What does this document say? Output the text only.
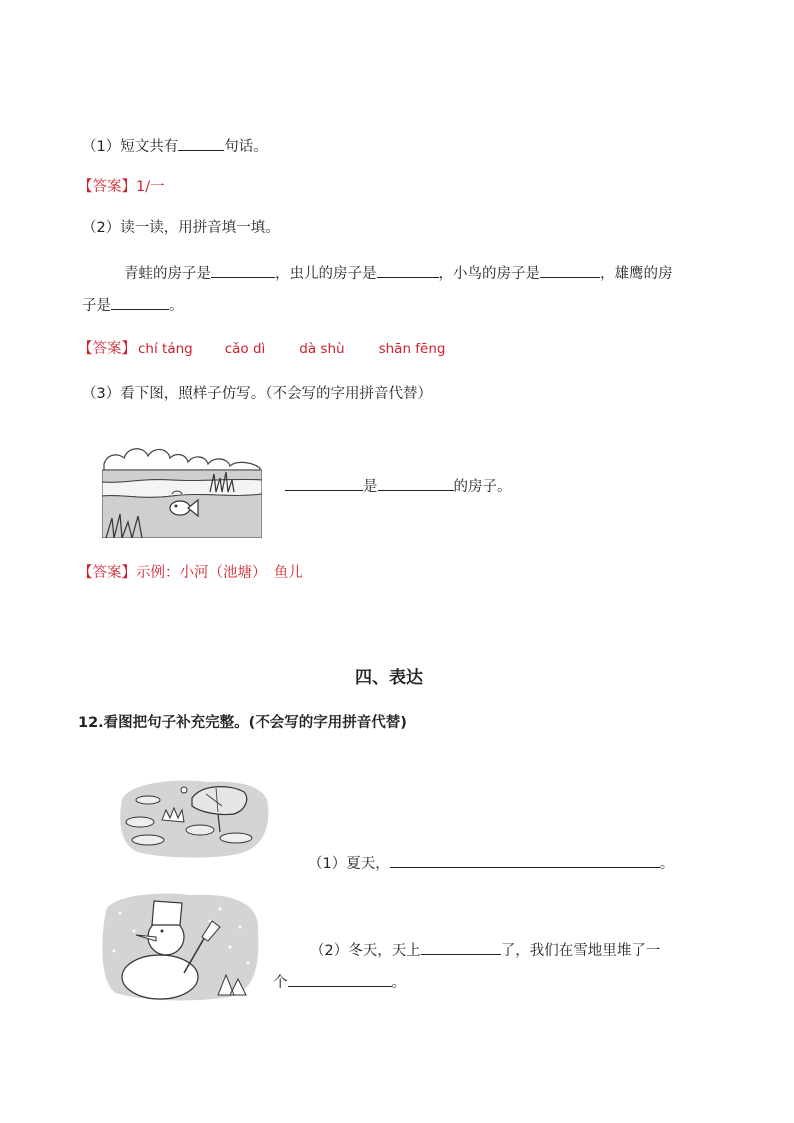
（1）短文共有	句话。
【答案】1/一
（2）读一读，用拼音填一填。
青蛙的房子是	，虫儿的房子是	，小鸟的房子是	，雄鹰的房
子是	。
【答案】 chí táng cǎo dì	dà shù	shān fēng
（3）看下图，照样子仿写。（不会写的字用拼音代替）
是	的房子。
【答案】示例：小河（池塘）　鱼儿
四、表达
12.看图把句子补充完整。(不会写的字用拼音代替)
（1）夏天，	。
（2）冬天，天上	了，我们在雪地里堆了一
个	。
